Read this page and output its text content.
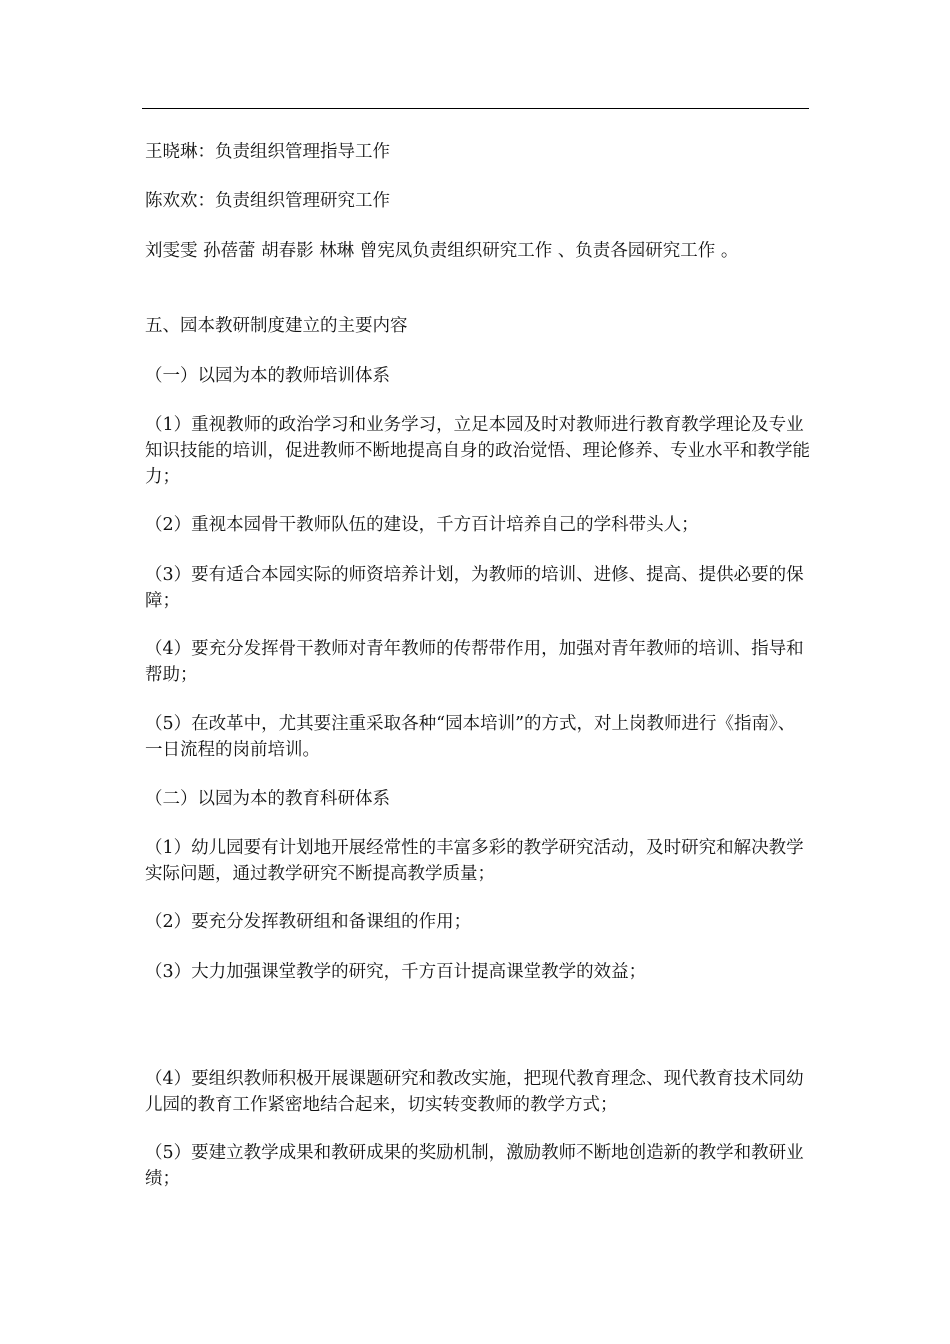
王晓琳：负责组织管理指导工作

陈欢欢：负责组织管理研究工作

刘雯雯 孙蓓蕾 胡春影 林琳 曾宪凤负责组织研究工作 、负责各园研究工作 。

五、园本教研制度建立的主要内容

（一）以园为本的教师培训体系

（1）重视教师的政治学习和业务学习，立足本园及时对教师进行教育教学理论及专业知识技能的培训，促进教师不断地提高自身的政治觉悟、理论修养、专业水平和教学能力；

（2）重视本园骨干教师队伍的建设，千方百计培养自己的学科带头人；

（3）要有适合本园实际的师资培养计划，为教师的培训、进修、提高、提供必要的保障；

（4）要充分发挥骨干教师对青年教师的传帮带作用，加强对青年教师的培训、指导和帮助；

（5）在改革中，尤其要注重采取各种“园本培训”的方式，对上岗教师进行《指南》、一日流程的岗前培训。

（二）以园为本的教育科研体系

（1）幼儿园要有计划地开展经常性的丰富多彩的教学研究活动，及时研究和解决教学实际问题，通过教学研究不断提高教学质量；

（2）要充分发挥教研组和备课组的作用；

（3）大力加强课堂教学的研究，千方百计提高课堂教学的效益；

（4）要组织教师积极开展课题研究和教改实施，把现代教育理念、现代教育技术同幼儿园的教育工作紧密地结合起来，切实转变教师的教学方式；

（5）要建立教学成果和教研成果的奖励机制，激励教师不断地创造新的教学和教研业绩；
